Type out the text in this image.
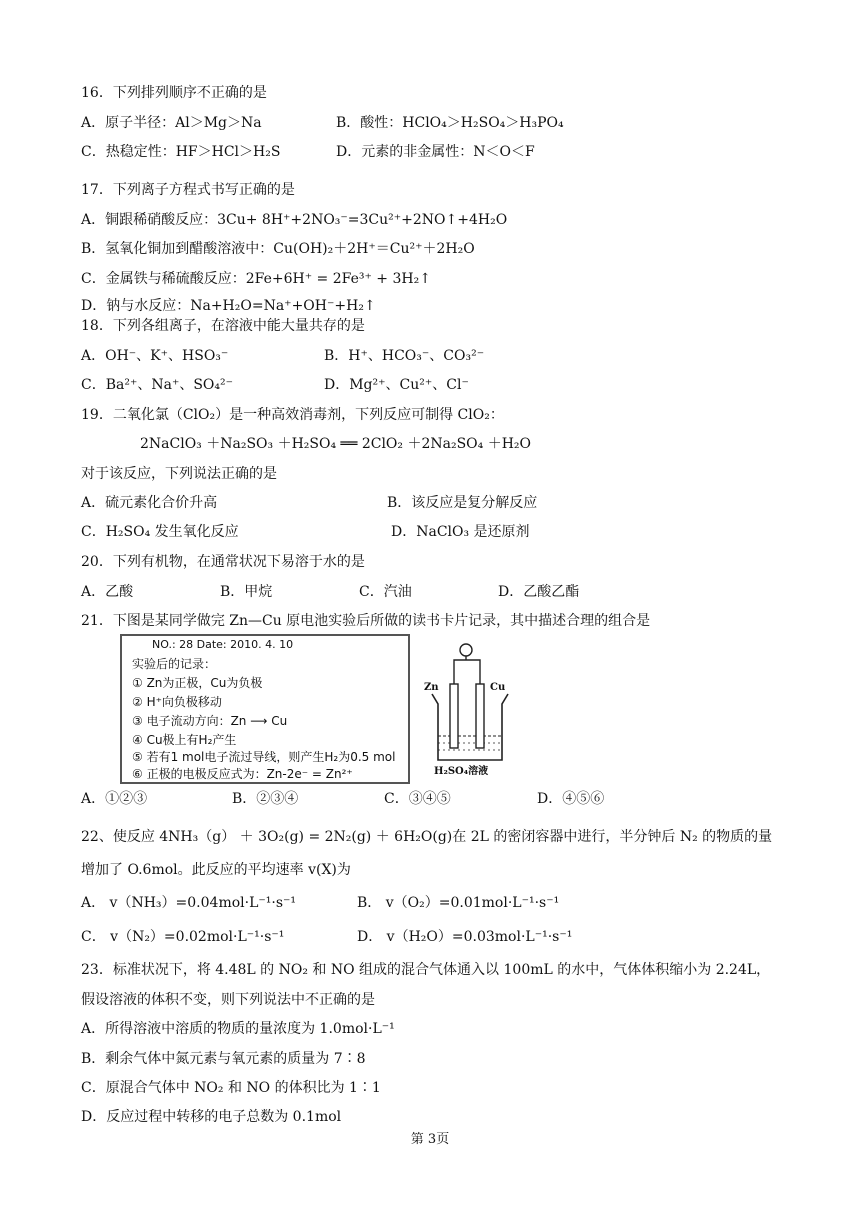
16．下列排列顺序不正确的是
A．原子半径：Al＞Mg＞Na	B．酸性：HClO₄＞H₂SO₄＞H₃PO₄
C．热稳定性：HF＞HCl＞H₂S	D．元素的非金属性：N＜O＜F
17．下列离子方程式书写正确的是
A．铜跟稀硝酸反应：3Cu+ 8H⁺+2NO₃⁻=3Cu²⁺+2NO↑+4H₂O
B．氢氧化铜加到醋酸溶液中：Cu(OH)₂＋2H⁺＝Cu²⁺＋2H₂O
C．金属铁与稀硫酸反应：2Fe+6H⁺ = 2Fe³⁺ + 3H₂↑
D．钠与水反应：Na+H₂O=Na⁺+OH⁻+H₂↑
18．下列各组离子，在溶液中能大量共存的是
A．OH⁻、K⁺、HSO₃⁻	B．H⁺、HCO₃⁻、CO₃²⁻
C．Ba²⁺、Na⁺、SO₄²⁻	D．Mg²⁺、Cu²⁺、Cl⁻
19．二氧化氯（ClO₂）是一种高效消毒剂，下列反应可制得 ClO₂：
2NaClO₃ ＋Na₂SO₃ ＋H₂SO₄ ══ 2ClO₂ ＋2Na₂SO₄ ＋H₂O
对于该反应，下列说法正确的是
A．硫元素化合价升高	B．该反应是复分解反应
C．H₂SO₄ 发生氧化反应	D．NaClO₃ 是还原剂
20．下列有机物，在通常状况下易溶于水的是
A．乙酸	B．甲烷	C．汽油	D．乙酸乙酯
21．下图是某同学做完 Zn—Cu 原电池实验后所做的读书卡片记录，其中描述合理的组合是
NO.: 28 Date: 2010. 4. 10
实验后的记录：
① Zn为正极，Cu为负极
② H⁺向负极移动
③ 电子流动方向：Zn ⟶ Cu
④ Cu极上有H₂产生
⑤ 若有1 mol电子流过导线，则产生H₂为0.5 mol
⑥ 正极的电极反应式为：Zn-2e⁻ = Zn²⁺
Zn	Cu
H₂SO₄溶液
A．①②③	B．②③④	C．③④⑤	D．④⑤⑥
22、使反应 4NH₃（g） ＋ 3O₂(g) = 2N₂(g) ＋ 6H₂O(g)在 2L 的密闭容器中进行，半分钟后 N₂ 的物质的量
增加了 O.6mol。此反应的平均速率 v(X)为
A． v（NH₃）=0.04mol·L⁻¹·s⁻¹	B． v（O₂）=0.01mol·L⁻¹·s⁻¹
C． v（N₂）=0.02mol·L⁻¹·s⁻¹	D． v（H₂O）=0.03mol·L⁻¹·s⁻¹
23．标准状况下，将 4.48L 的 NO₂ 和 NO 组成的混合气体通入以 100mL 的水中，气体体积缩小为 2.24L，
假设溶液的体积不变，则下列说法中不正确的是
A．所得溶液中溶质的物质的量浓度为 1.0mol·L⁻¹
B．剩余气体中氮元素与氧元素的质量为 7∶8
C．原混合气体中 NO₂ 和 NO 的体积比为 1∶1
D．反应过程中转移的电子总数为 0.1mol
第 3页
